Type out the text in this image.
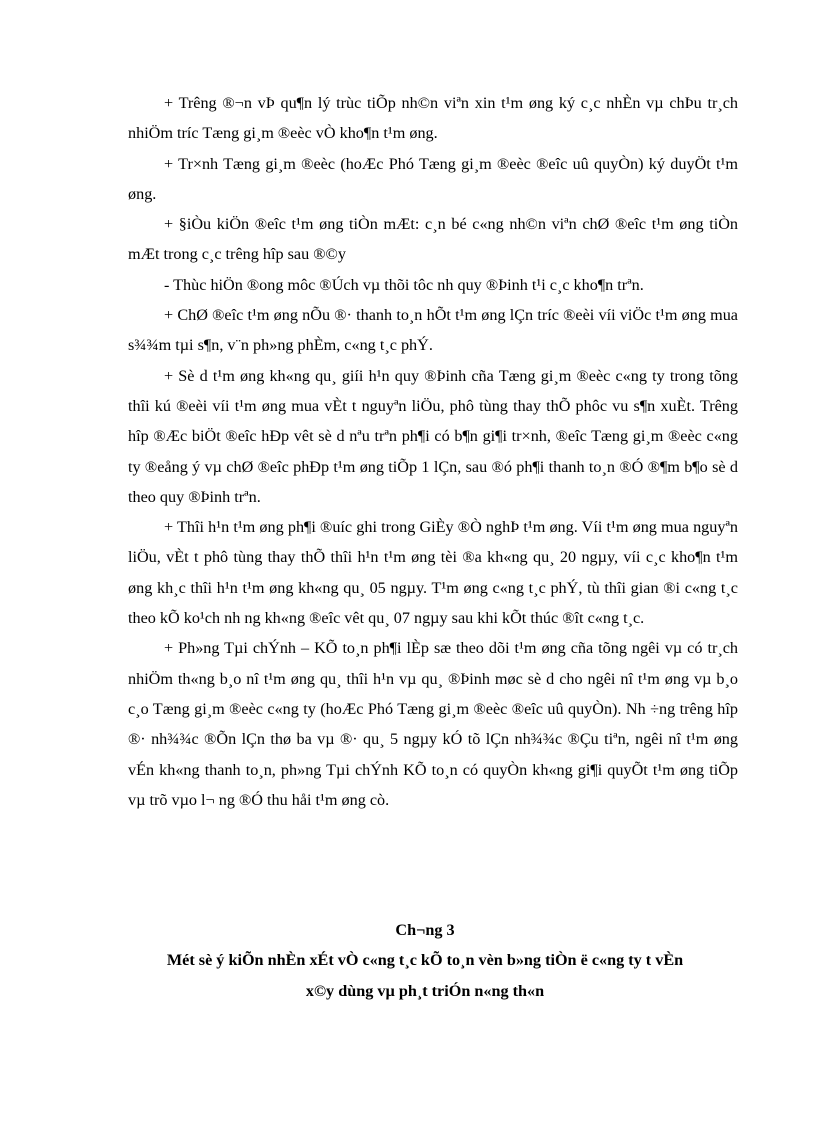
+ Trêng ®¬n vÞ qu¶n lý trùc tiÕp nh©n viªn xin t¹m øng ký c¸c nhÈn vµ chÞu tr¸ch nhiÖm tríc Tæng gi¸m ®eèc vÒ kho¶n t¹m øng.

+ Tr×nh Tæng gi¸m ®eèc (hoÆc Phó Tæng gi¸m ®eèc ®eîc uû quyÒn) ký duyÖt t¹m øng.

+ §iÒu kiÖn ®eîc t¹m øng tiÒn mÆt: c¸n bé c«ng nh©n viªn chØ ®eîc t¹m øng tiÒn mÆt trong c¸c trêng hîp sau ®©y

- Thùc hiÖn ®ong môc ®Úch vµ thõi tôc nh quy ®Þinh t¹i c¸c kho¶n trªn.

+ ChØ ®eîc t¹m øng nÕu ®· thanh to¸n hÕt t¹m øng lÇn tríc ®eèi víi viÖc t¹m øng mua s¾¾m tµi s¶n, v¨n ph»ng phÈm, c«ng t¸c phÝ.

+ Sè d t¹m øng kh«ng qu¸ giíi h¹n quy ®Þinh cña Tæng gi¸m ®eèc c«ng ty trong tõng thîi kú ®eèi víi t¹m øng mua vÈt t nguyªn liÖu, phô tùng thay thÕ phôc vu s¶n xuÈt. Trêng hîp ®Æc biÖt ®eîc hÐp vêt sè d nªu trªn ph¶i có b¶n gi¶i tr×nh, ®eîc Tæng gi¸m ®eèc c«ng ty ®eång ý vµ chØ ®eîc phÐp t¹m øng tiÕp 1 lÇn, sau ®ó ph¶i thanh to¸n ®Ó ®¶m b¶o sè d theo quy ®Þinh trªn.

+ Thîi h¹n t¹m øng ph¶i ®uíc ghi trong GiÈy ®Ò nghÞ t¹m øng. Víi t¹m øng mua nguyªn liÖu, vÈt t phô tùng thay thÕ thîi h¹n t¹m øng tèi ®a kh«ng qu¸ 20 ngµy, víi c¸c kho¶n t¹m øng kh¸c thîi h¹n t¹m øng kh«ng qu¸ 05 ngµy. T¹m øng c«ng t¸c phÝ, tù thîi gian ®i c«ng t¸c theo kÕ ko¹ch nh ng kh«ng ®eîc vêt qu¸ 07 ngµy sau khi kÕt thúc ®ît c«ng t¸c.

+ Ph»ng Tµi chÝnh – KÕ to¸n ph¶i lÈp sæ theo dõi t¹m øng cña tõng ngêi vµ có tr¸ch nhiÖm th«ng b¸o nî t¹m øng qu¸ thîi h¹n vµ qu¸ ®Þinh møc sè d cho ngêi nî t¹m øng vµ b¸o c¸o Tæng gi¸m ®eèc c«ng ty (hoÆc Phó Tæng gi¸m ®eèc ®eîc uû quyÒn). Nh ÷ng trêng hîp ®· nh¾¾c ®Õn lÇn thø ba vµ ®· qu¸ 5 ngµy kÓ tõ lÇn nh¾¾c ®Çu tiªn, ngêi nî t¹m øng vÉn kh«ng thanh to¸n, ph»ng Tµi chÝnh KÕ to¸n có quyÒn kh«ng gi¶i quyÕt t¹m øng tiÕp vµ trõ vµo l¬ ng ®Ó thu håi t¹m øng cò.

Ch¬ng 3
Mét sè ý kiÕn nhÈn xÉt vÒ c«ng t¸c kÕ to¸n vèn b»ng tiÒn ë c«ng ty t vÈn
x©y dùng vµ ph¸t triÓn n«ng th«n
